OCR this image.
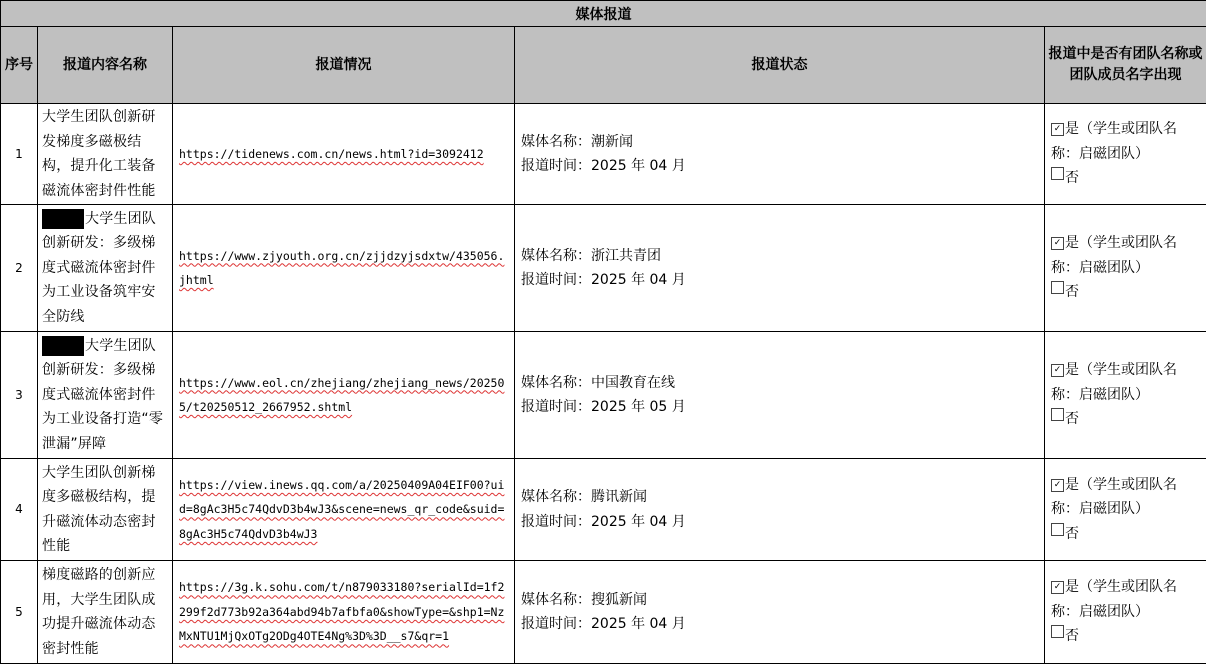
媒体报道				
序号	报道内容名称	报道情况	报道状态	报道中是否有团队名称或
团队成员名字出现

1	大学生团队创新研发梯度多磁极结构，提升化工装备磁流体密封件性能	https://tidenews.com.cn/news.html?id=3092412	媒体名称：潮新闻
报道时间：2025 年 04 月	✓ 是（学生或团队名称：启磁团队）
否

2	大学生团队创新研发：多级梯度式磁流体密封件为工业设备筑牢安全防线	https://www.zjyouth.org.cn/zjjdzyjsdxtw/435056.jhtml	媒体名称：浙江共青团
报道时间：2025 年 04 月	✓ 是（学生或团队名称：启磁团队）
否

3	大学生团队创新研发：多级梯度式磁流体密封件为工业设备打造“零泄漏”屏障	https://www.eol.cn/zhejiang/zhejiang_news/202505/t20250512_2667952.shtml	媒体名称：中国教育在线
报道时间：2025 年 05 月	✓ 是（学生或团队名称：启磁团队）
否

4	大学生团队创新梯度多磁极结构，提升磁流体动态密封性能	https://view.inews.qq.com/a/20250409A04EIF00?uid=8gAc3H5c74QdvD3b4wJ3&scene=news_qr_code&suid=8gAc3H5c74QdvD3b4wJ3	媒体名称：腾讯新闻
报道时间：2025 年 04 月	✓ 是（学生或团队名称：启磁团队）
否

5	梯度磁路的创新应用，大学生团队成功提升磁流体动态密封性能	https://3g.k.sohu.com/t/n879033180?serialId=1f2299f2d773b92a364abd94b7afbfa0&showType=&shp1=NzMxNTU1MjQxOTg2ODg4OTE4Ng%3D%3D__s7&qr=1	媒体名称：搜狐新闻
报道时间：2025 年 04 月	✓ 是（学生或团队名称：启磁团队）
否
